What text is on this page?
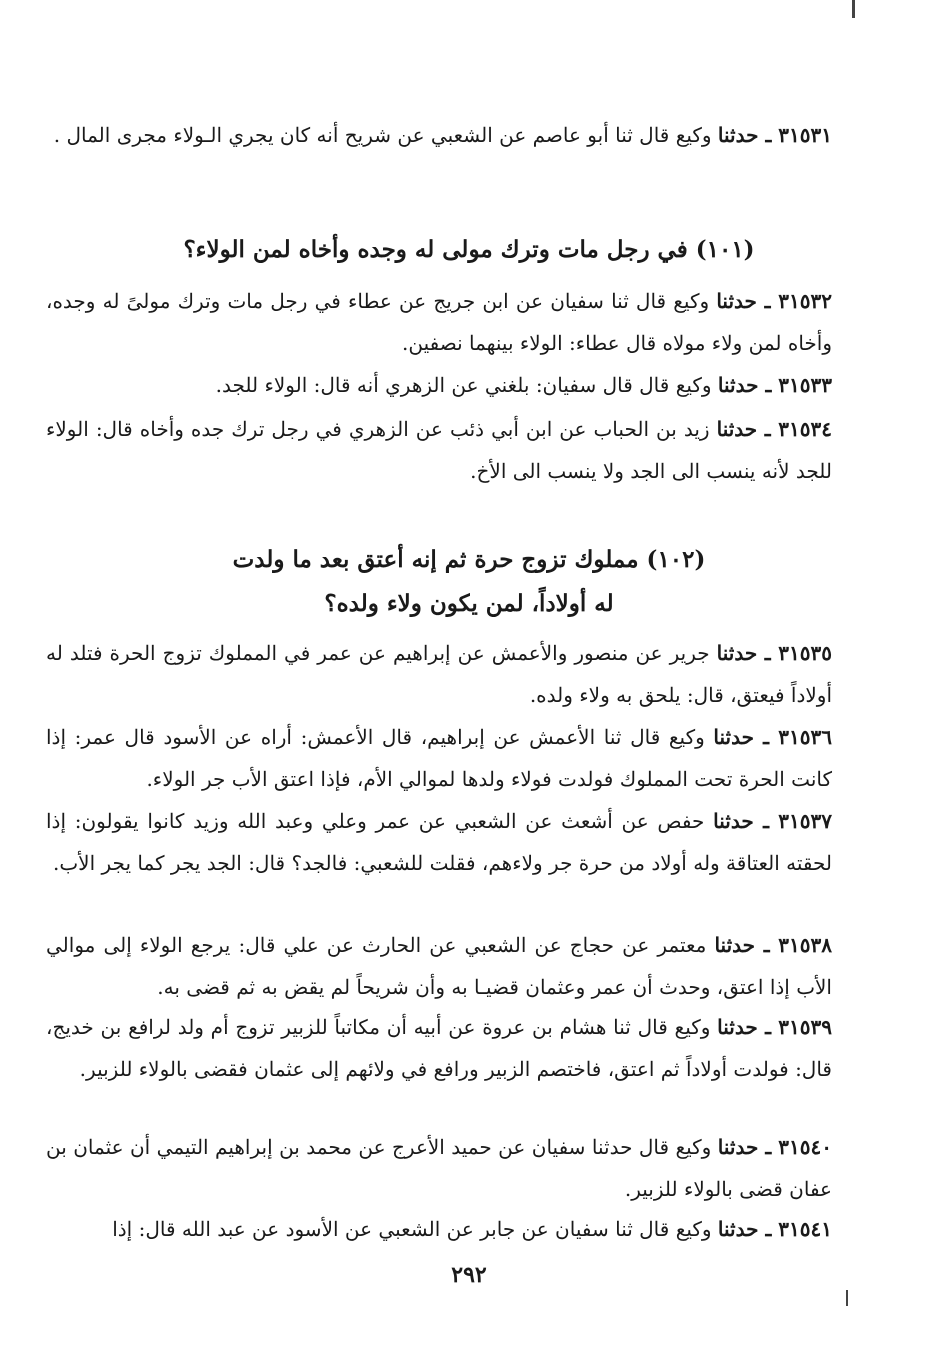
٣١٥٣١ ـ حدثنا وكيع قال ثنا أبو عاصم عن الشعبي عن شريح أنه كان يجري الـولاء مجرى المال .
(١٠١) في رجل مات وترك مولى له وجده وأخاه لمن الولاء؟
٣١٥٣٢ ـ حدثنا وكيع قال ثنا سفيان عن ابن جريج عن عطاء في رجل مات وترك مولىً له وجده، وأخاه لمن ولاء مولاه قال عطاء: الولاء بينهما نصفين.
٣١٥٣٣ ـ حدثنا وكيع قال قال سفيان: بلغني عن الزهري أنه قال: الولاء للجد.
٣١٥٣٤ ـ حدثنا زيد بن الحباب عن ابن أبي ذئب عن الزهري في رجل ترك جده وأخاه قال: الولاء للجد لأنه ينسب الى الجد ولا ينسب الى الأخ.
(١٠٢) مملوك تزوج حرة ثم إنه أعتق بعد ما ولدت
له أولاداً، لمن يكون ولاء ولده؟
٣١٥٣٥ ـ حدثنا جرير عن منصور والأعمش عن إبراهيم عن عمر في المملوك تزوج الحرة فتلد له أولاداً فيعتق، قال: يلحق به ولاء ولده.
٣١٥٣٦ ـ حدثنا وكيع قال ثنا الأعمش عن إبراهيم، قال الأعمش: أراه عن الأسود قال عمر: إذا كانت الحرة تحت المملوك فولدت فولاء ولدها لموالي الأم، فإذا اعتق الأب جر الولاء.
٣١٥٣٧ ـ حدثنا حفص عن أشعث عن الشعبي عن عمر وعلي وعبد الله وزيد كانوا يقولون: إذا لحقته العتاقة وله أولاد من حرة جر ولاءهم، فقلت للشعبي: فالجد؟ قال: الجد يجر كما يجر الأب.
٣١٥٣٨ ـ حدثنا معتمر عن حجاج عن الشعبي عن الحارث عن علي قال: يرجع الولاء إلى موالي الأب إذا اعتق، وحدث أن عمر وعثمان قضيـا به وأن شريحاً لم يقض به ثم قضى به.
٣١٥٣٩ ـ حدثنا وكيع قال ثنا هشام بن عروة عن أبيه أن مكاتباً للزبير تزوج أم ولد لرافع بن خديج، قال: فولدت أولاداً ثم اعتق، فاختصم الزبير ورافع في ولائهم إلى عثمان فقضى بالولاء للزبير.
٣١٥٤٠ ـ حدثنا وكيع قال حدثنا سفيان عن حميد الأعرج عن محمد بن إبراهيم التيمي أن عثمان بن عفان قضى بالولاء للزبير.
٣١٥٤١ ـ حدثنا وكيع قال ثنا سفيان عن جابر عن الشعبي عن الأسود عن عبد الله قال: إذا
٢٩٢
